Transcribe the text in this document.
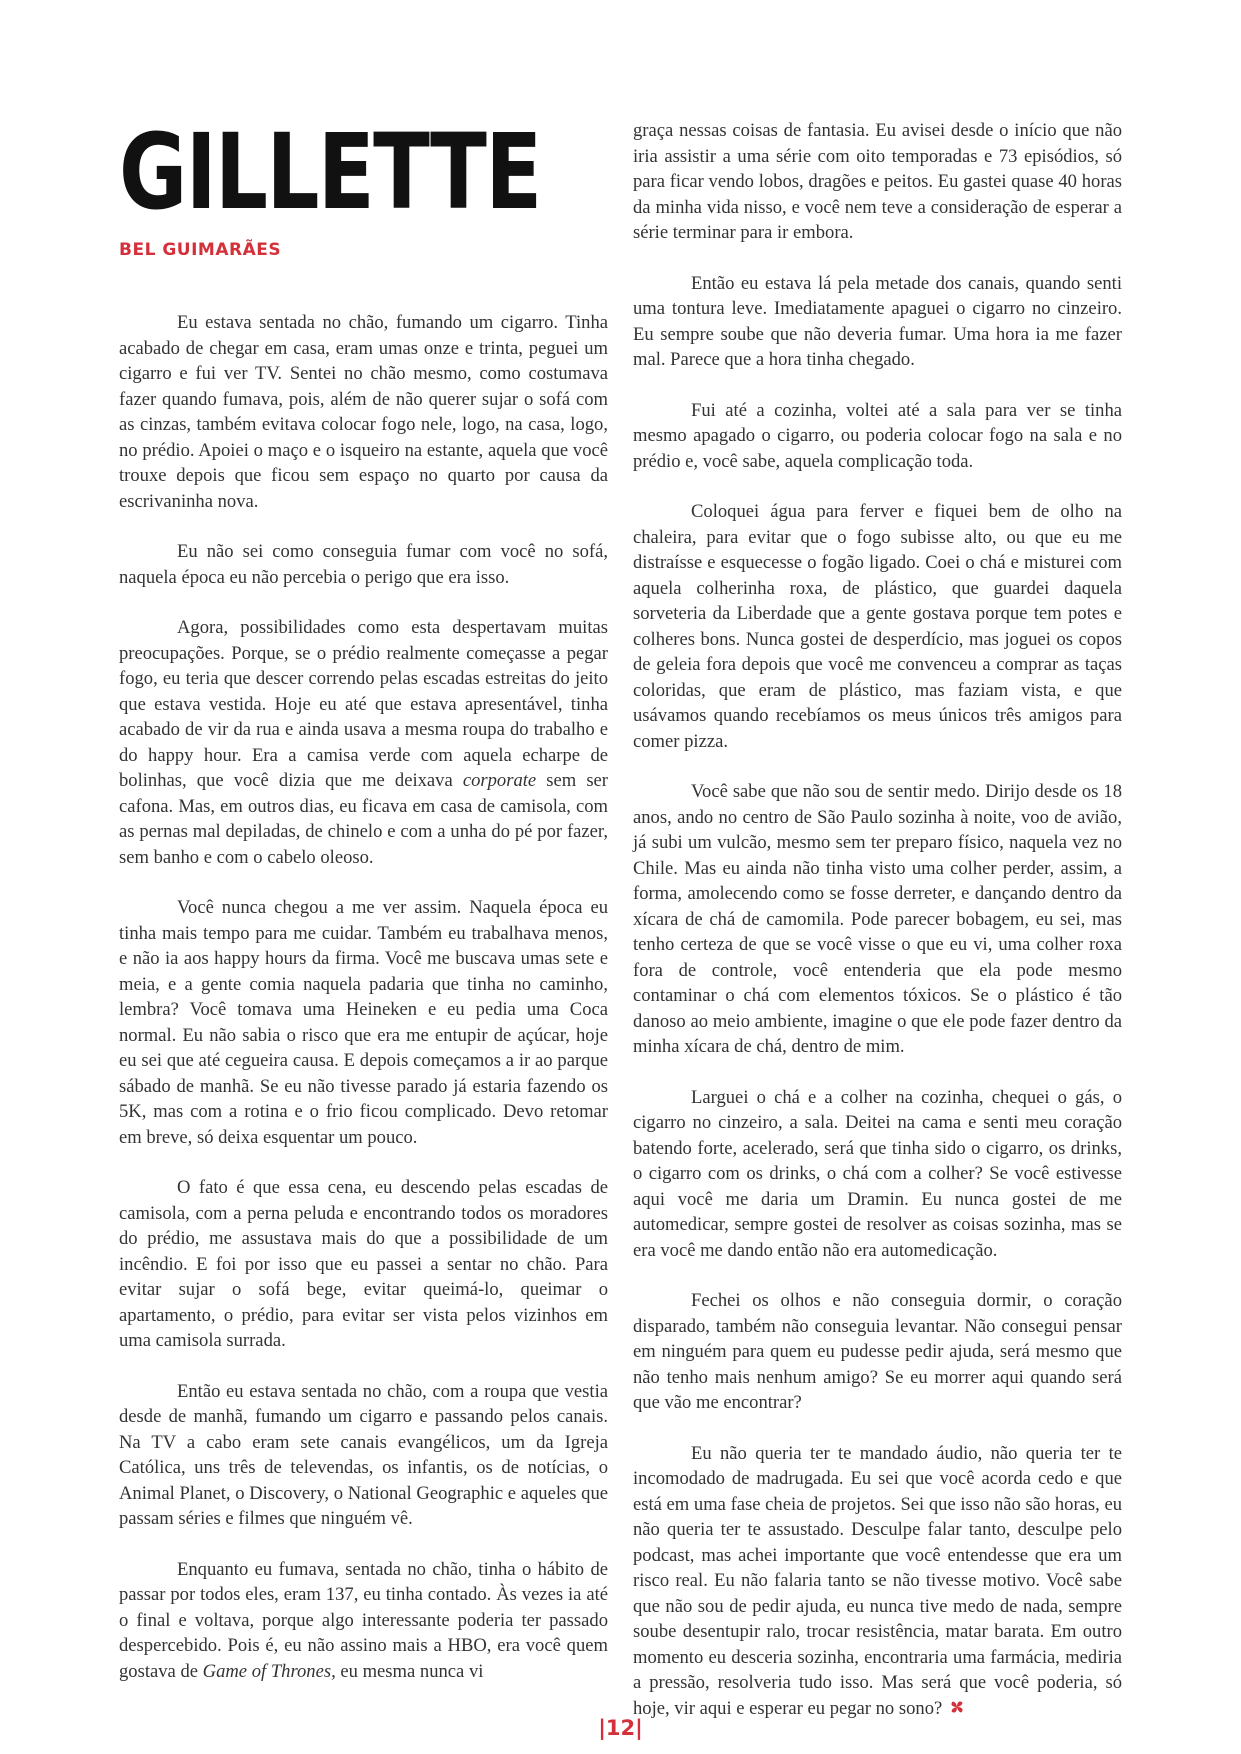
GILLETTE
BEL GUIMARÃES

Eu estava sentada no chão, fumando um cigarro. Tinha acabado de chegar em casa, eram umas onze e trinta, peguei um cigarro e fui ver TV. Sentei no chão mesmo, como costumava fazer quando fumava, pois, além de não querer sujar o sofá com as cinzas, também evitava colocar fogo nele, logo, na casa, logo, no prédio. Apoiei o maço e o isqueiro na estante, aquela que você trouxe depois que ficou sem espaço no quarto por causa da escrivaninha nova.

Eu não sei como conseguia fumar com você no sofá, naquela época eu não percebia o perigo que era isso.

Agora, possibilidades como esta despertavam muitas preocupações. Porque, se o prédio realmente começasse a pegar fogo, eu teria que descer correndo pelas escadas estreitas do jeito que estava vestida. Hoje eu até que estava apresentável, tinha acabado de vir da rua e ainda usava a mesma roupa do trabalho e do happy hour. Era a camisa verde com aquela echarpe de bolinhas, que você dizia que me deixava corporate sem ser cafona. Mas, em outros dias, eu ficava em casa de camisola, com as pernas mal depiladas, de chinelo e com a unha do pé por fazer, sem banho e com o cabelo oleoso.

Você nunca chegou a me ver assim. Naquela época eu tinha mais tempo para me cuidar. Também eu trabalhava menos, e não ia aos happy hours da firma. Você me buscava umas sete e meia, e a gente comia naquela padaria que tinha no caminho, lembra? Você tomava uma Heineken e eu pedia uma Coca normal. Eu não sabia o risco que era me entupir de açúcar, hoje eu sei que até cegueira causa. E depois começamos a ir ao parque sábado de manhã. Se eu não tivesse parado já estaria fazendo os 5K, mas com a rotina e o frio ficou complicado. Devo retomar em breve, só deixa esquentar um pouco.

O fato é que essa cena, eu descendo pelas escadas de camisola, com a perna peluda e encontrando todos os moradores do prédio, me assustava mais do que a possibilidade de um incêndio. E foi por isso que eu passei a sentar no chão. Para evitar sujar o sofá bege, evitar queimá-lo, queimar o apartamento, o prédio, para evitar ser vista pelos vizinhos em uma camisola surrada.

Então eu estava sentada no chão, com a roupa que vestia desde de manhã, fumando um cigarro e passando pelos canais. Na TV a cabo eram sete canais evangélicos, um da Igreja Católica, uns três de televendas, os infantis, os de notícias, o Animal Planet, o Discovery, o National Geographic e aqueles que passam séries e filmes que ninguém vê.

Enquanto eu fumava, sentada no chão, tinha o hábito de passar por todos eles, eram 137, eu tinha contado. Às vezes ia até o final e voltava, porque algo interessante poderia ter passado despercebido. Pois é, eu não assino mais a HBO, era você quem gostava de Game of Thrones, eu mesma nunca vi

graça nessas coisas de fantasia. Eu avisei desde o início que não iria assistir a uma série com oito temporadas e 73 episódios, só para ficar vendo lobos, dragões e peitos. Eu gastei quase 40 horas da minha vida nisso, e você nem teve a consideração de esperar a série terminar para ir embora.

Então eu estava lá pela metade dos canais, quando senti uma tontura leve. Imediatamente apaguei o cigarro no cinzeiro. Eu sempre soube que não deveria fumar. Uma hora ia me fazer mal. Parece que a hora tinha chegado.

Fui até a cozinha, voltei até a sala para ver se tinha mesmo apagado o cigarro, ou poderia colocar fogo na sala e no prédio e, você sabe, aquela complicação toda.

Coloquei água para ferver e fiquei bem de olho na chaleira, para evitar que o fogo subisse alto, ou que eu me distraísse e esquecesse o fogão ligado. Coei o chá e misturei com aquela colherinha roxa, de plástico, que guardei daquela sorveteria da Liberdade que a gente gostava porque tem potes e colheres bons. Nunca gostei de desperdício, mas joguei os copos de geleia fora depois que você me convenceu a comprar as taças coloridas, que eram de plástico, mas faziam vista, e que usávamos quando recebíamos os meus únicos três amigos para comer pizza.

Você sabe que não sou de sentir medo. Dirijo desde os 18 anos, ando no centro de São Paulo sozinha à noite, voo de avião, já subi um vulcão, mesmo sem ter preparo físico, naquela vez no Chile. Mas eu ainda não tinha visto uma colher perder, assim, a forma, amolecendo como se fosse derreter, e dançando dentro da xícara de chá de camomila. Pode parecer bobagem, eu sei, mas tenho certeza de que se você visse o que eu vi, uma colher roxa fora de controle, você entenderia que ela pode mesmo contaminar o chá com elementos tóxicos. Se o plástico é tão danoso ao meio ambiente, imagine o que ele pode fazer dentro da minha xícara de chá, dentro de mim.

Larguei o chá e a colher na cozinha, chequei o gás, o cigarro no cinzeiro, a sala. Deitei na cama e senti meu coração batendo forte, acelerado, será que tinha sido o cigarro, os drinks, o cigarro com os drinks, o chá com a colher? Se você estivesse aqui você me daria um Dramin. Eu nunca gostei de me automedicar, sempre gostei de resolver as coisas sozinha, mas se era você me dando então não era automedicação.

Fechei os olhos e não conseguia dormir, o coração disparado, também não conseguia levantar. Não consegui pensar em ninguém para quem eu pudesse pedir ajuda, será mesmo que não tenho mais nenhum amigo? Se eu morrer aqui quando será que vão me encontrar?

Eu não queria ter te mandado áudio, não queria ter te incomodado de madrugada. Eu sei que você acorda cedo e que está em uma fase cheia de projetos. Sei que isso não são horas, eu não queria ter te assustado. Desculpe falar tanto, desculpe pelo podcast, mas achei importante que você entendesse que era um risco real. Eu não falaria tanto se não tivesse motivo. Você sabe que não sou de pedir ajuda, eu nunca tive medo de nada, sempre soube desentupir ralo, trocar resistência, matar barata. Em outro momento eu desceria sozinha, encontraria uma farmácia, mediria a pressão, resolveria tudo isso. Mas será que você poderia, só hoje, vir aqui e esperar eu pegar no sono?

|12|
